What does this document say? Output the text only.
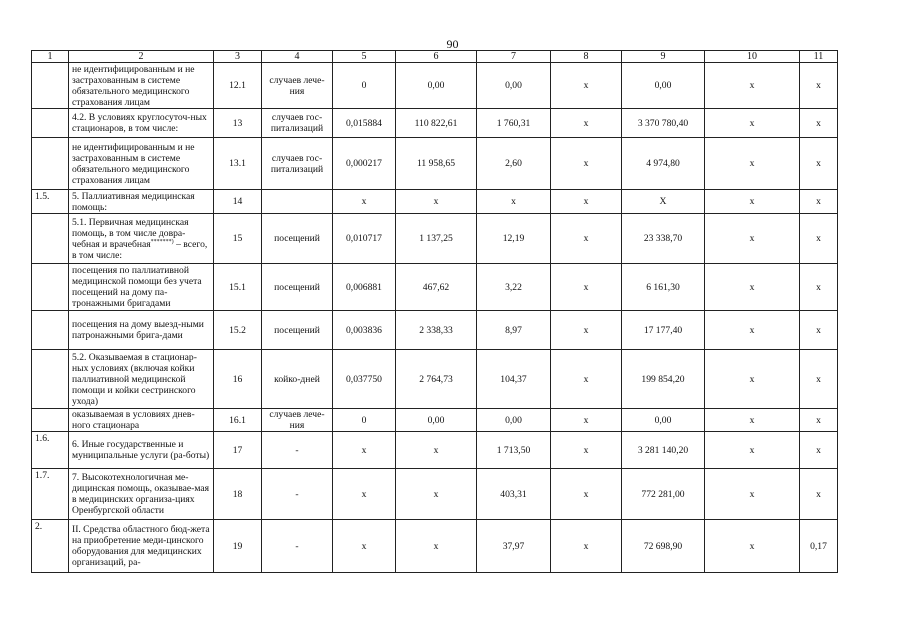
90
1	2	3	4	5	6	7	8	9	10	11
	не идентифицированным и не застрахованным в системе обязательного медицинского страхования лицам	12.1	случаев лече-ния	0	0,00	0,00	х	0,00	х	х
	4.2. В условиях круглосуточ-ных стационаров, в том числе:	13	случаев гос-питализаций	0,015884	110 822,61	1 760,31	х	3 370 780,40	х	х
	не идентифицированным и не застрахованным в системе обязательного медицинского страхования лицам	13.1	случаев гос-питализаций	0,000217	11 958,65	2,60	х	4 974,80	х	х
1.5.	5. Паллиативная медицинская помощь:	14		х	х	х	х	Х	х	х
	5.1. Первичная медицинская помощь, в том числе довра-чебная и врачебная*******) – всего, в том числе:	15	посещений	0,010717	1 137,25	12,19	х	23 338,70	х	х
	посещения по паллиативной медицинской помощи без учета посещений на дому па-тронажными бригадами	15.1	посещений	0,006881	467,62	3,22	х	6 161,30	х	х
	посещения на дому выезд-ными патронажными брига-дами	15.2	посещений	0,003836	2 338,33	8,97	х	17 177,40	х	х
	5.2. Оказываемая в стационар-ных условиях (включая койки паллиативной медицинской помощи и койки сестринского ухода)	16	койко-дней	0,037750	2 764,73	104,37	х	199 854,20	х	х
	оказываемая в условиях днев-ного стационара	16.1	случаев лече-ния	0	0,00	0,00	х	0,00	х	х
1.6.	6. Иные государственные и муниципальные услуги (ра-боты)	17	-	х	х	1 713,50	х	3 281 140,20	х	х
1.7.	7. Высокотехнологичная ме-дицинская помощь, оказывае-мая в медицинских организа-циях Оренбургской области	18	-	х	х	403,31	х	772 281,00	х	х
2.	II. Средства областного бюд-жета на приобретение меди-цинского оборудования для медицинских организаций, ра-	19	-	х	х	37,97	х	72 698,90	х	0,17
